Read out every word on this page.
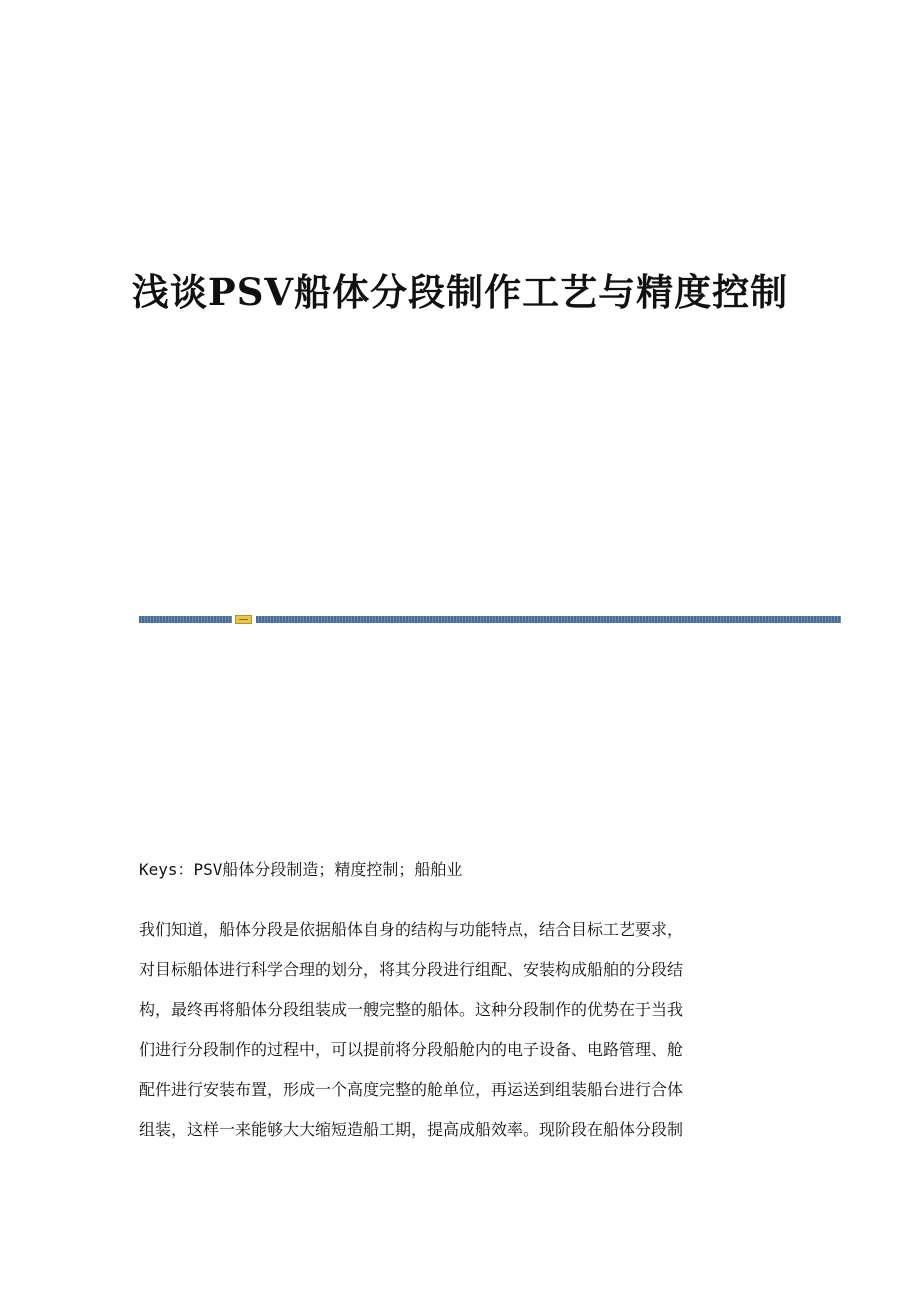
浅谈PSV船体分段制作工艺与精度控制

Keys：PSV船体分段制造；精度控制；船舶业

我们知道，船体分段是依据船体自身的结构与功能特点，结合目标工艺要求，
对目标船体进行科学合理的划分，将其分段进行组配、安装构成船舶的分段结
构，最终再将船体分段组装成一艘完整的船体。这种分段制作的优势在于当我
们进行分段制作的过程中，可以提前将分段船舱内的电子设备、电路管理、舱
配件进行安装布置，形成一个高度完整的舱单位，再运送到组装船台进行合体
组装，这样一来能够大大缩短造船工期，提高成船效率。现阶段在船体分段制
